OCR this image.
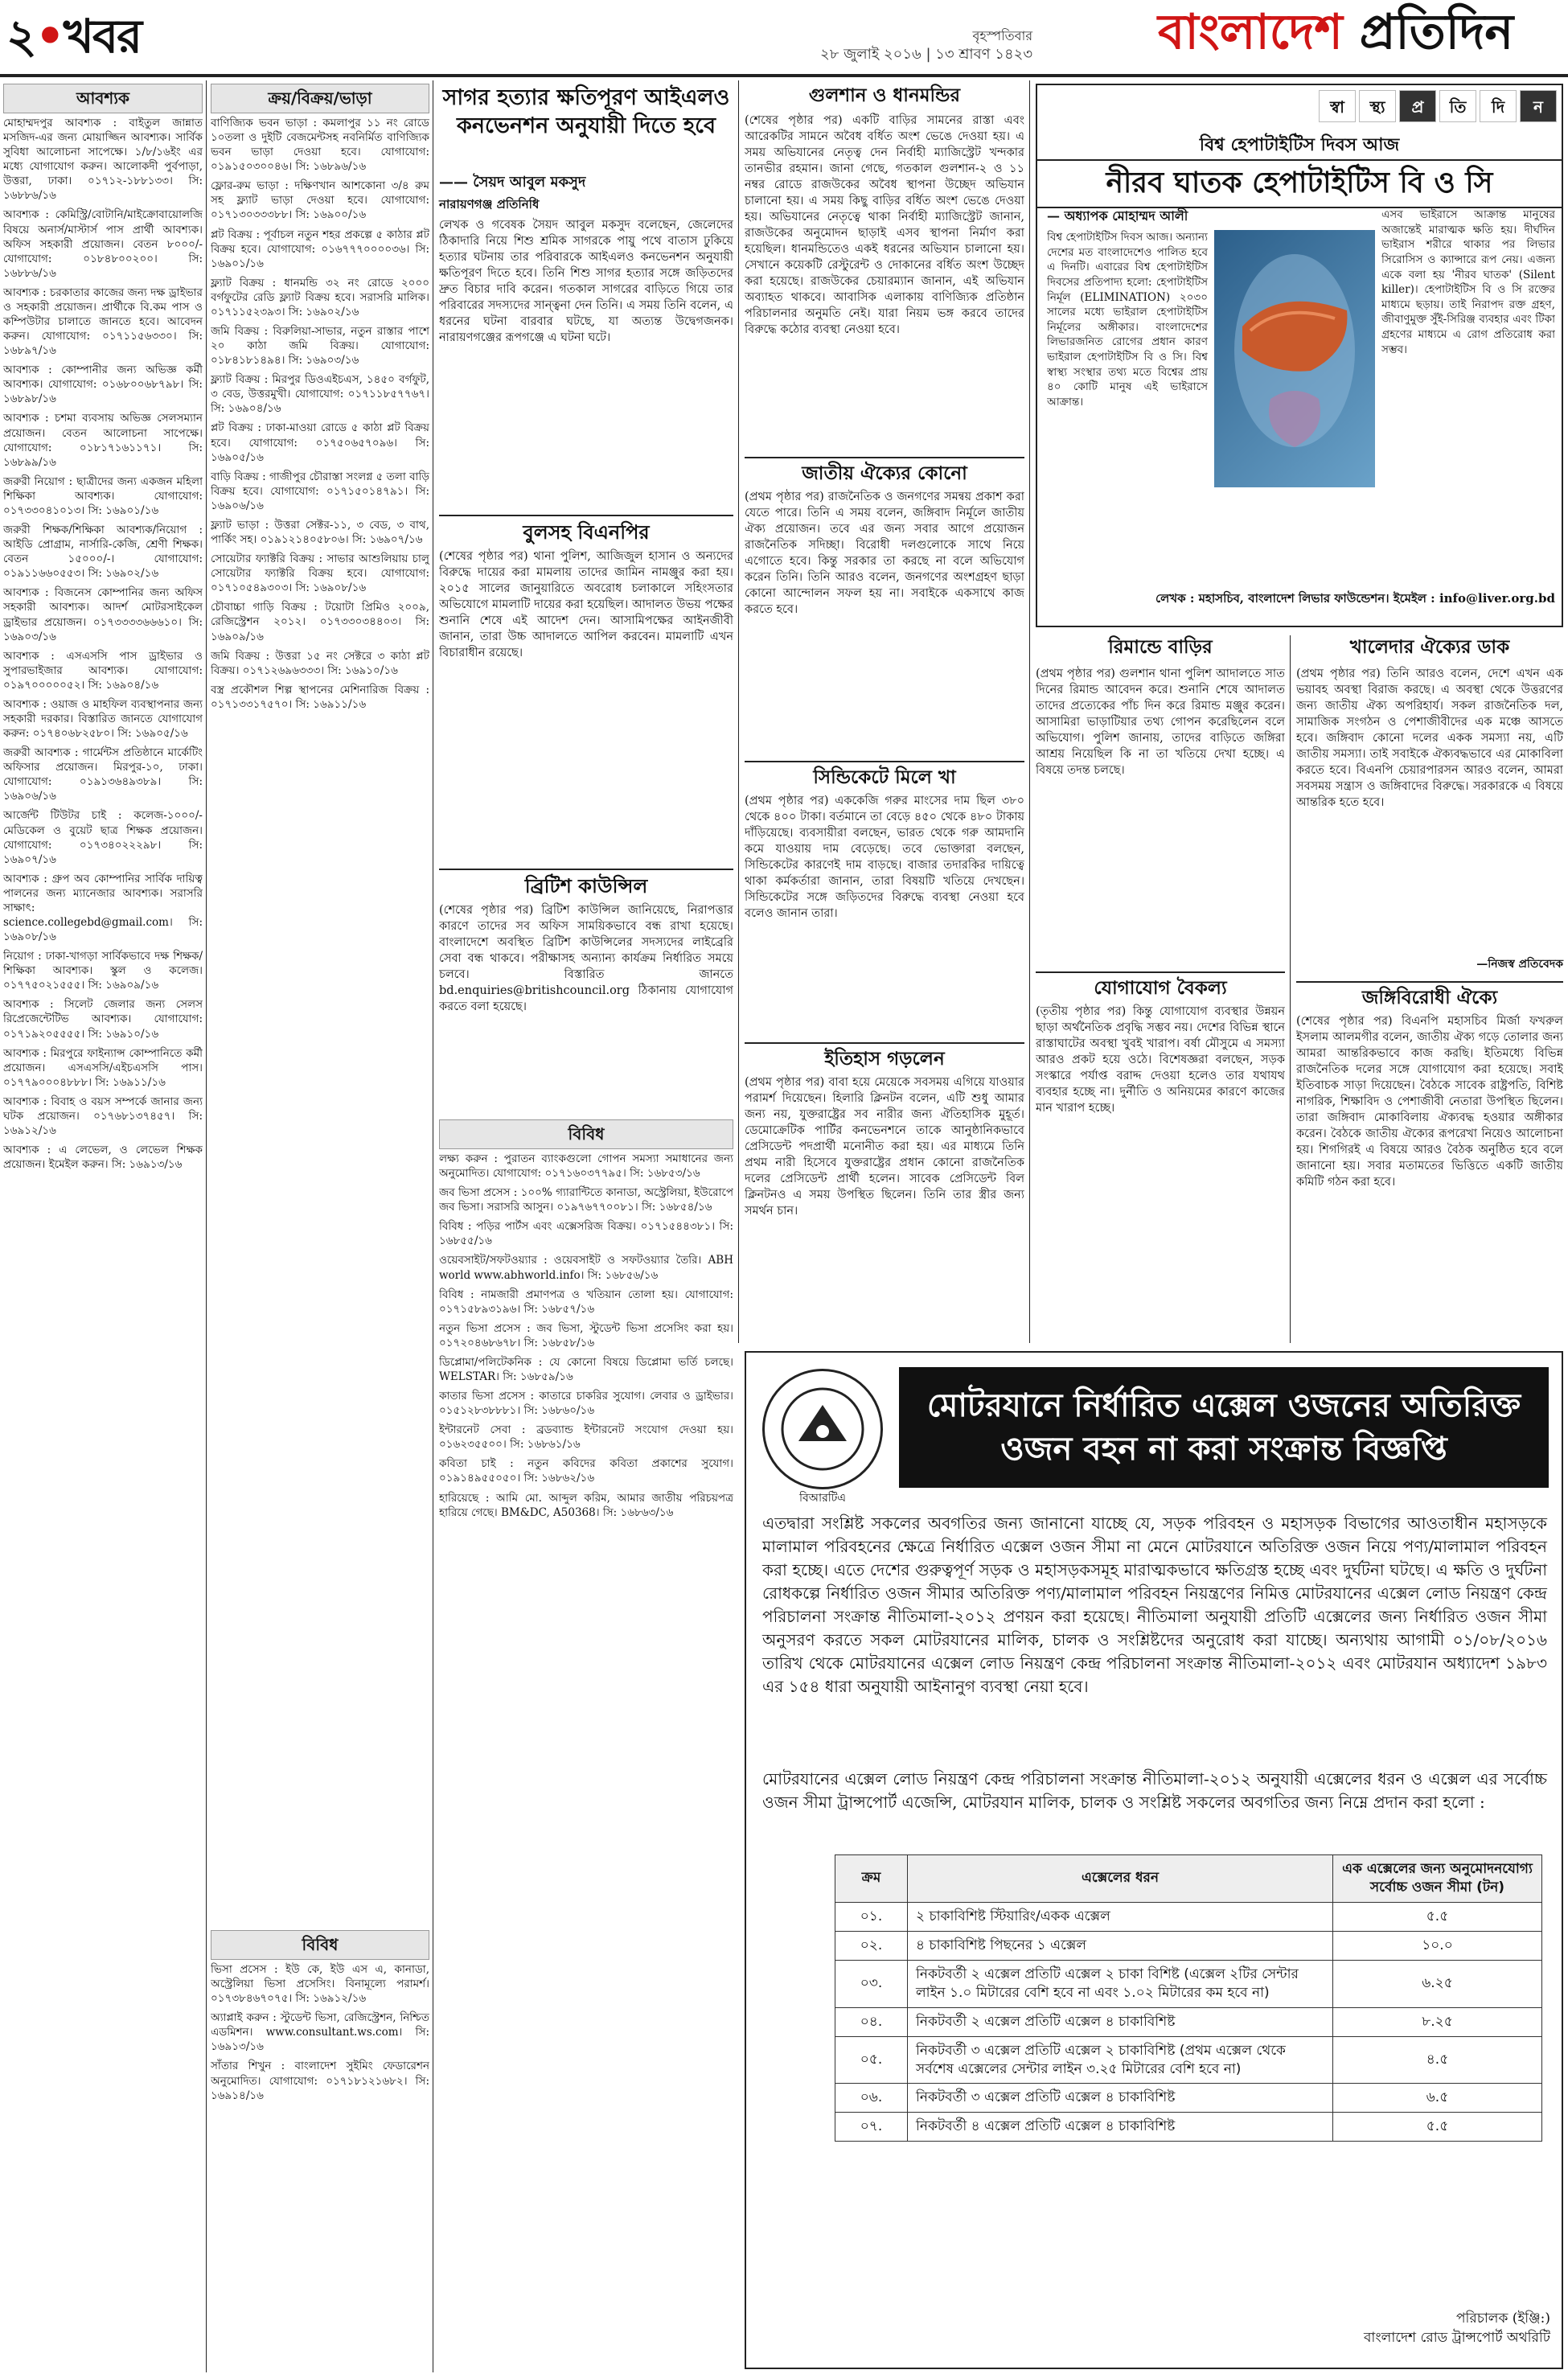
২•খবর	বৃহস্পতিবার
২৮ জুলাই ২০১৬ | ১৩ শ্রাবণ ১৪২৩	বাংলাদেশ প্রতিদিন
আবশ্যক
মোহাম্মদপুর আবশ্যক : বাইতুল জান্নাত মসজিদ-এর জন্য মোয়াজ্জিন আবশ্যক। সার্বিক সুবিধা আলোচনা সাপেক্ষে। ১/৮/১৬ইং এর মধ্যে যোগাযোগ করুন। আলোকদী পুর্বপাড়া, উত্তরা, ঢাকা। ০১৭১২-১৮৮১৩৩। সি: ১৬৮৮৬/১৬
আবশ্যক : কেমিস্ট্রি/বোটানি/মাইক্রোবায়োলজি বিষয়ে অনার্স/মাস্টার্স পাস প্রার্থী আবশ্যক। অফিস সহকারী প্রয়োজন। বেতন ৮০০০/- যোগাযোগ: ০১৮৪৮০০২০০। সি: ১৬৮৮৬/১৬
আবশ্যক : চরকাতার কাজের জন্য দক্ষ ড্রাইভার ও সহকারী প্রয়োজন। প্রার্থীকে বি.কম পাস ও কম্পিউটার চালাতে জানতে হবে। আবেদন করুন। যোগাযোগ: ০১৭১১৫৬৩৩০। সি: ১৬৮৯৭/১৬
আবশ্যক : কোম্পানীর জন্য অভিজ্ঞ কর্মী আবশ্যক। যোগাযোগ: ০১৬৮০০৬৮৭৯৮। সি: ১৬৮৯৮/১৬
আবশ্যক : চশমা ব্যবসায় অভিজ্ঞ সেলসম্যান প্রয়োজন। বেতন আলোচনা সাপেক্ষে। যোগাযোগ: ০১৮১৭১৬১১৭১। সি: ১৬৮৯৯/১৬
জরুরী নিয়োগ : ছাত্রীদের জন্য একজন মহিলা শিক্ষিকা আবশ্যক। যোগাযোগ: ০১৭৩৩০৪১০১৩। সি: ১৬৯০১/১৬
জরুরী শিক্ষক/শিক্ষিকা আবশ্যক/নিয়োগ : আইডি প্রোগ্রাম, নার্সারি-কেজি, শ্রেণী শিক্ষক। বেতন ১৫০০০/-। যোগাযোগ: ০১৯১১৬৬০৫৫৩। সি: ১৬৯০২/১৬
আবশ্যক : বিজনেস কোম্পানির জন্য অফিস সহকারী আবশ্যক। আদর্শ মোটরসাইকেল ড্রাইভার প্রয়োজন। ০১৭৩৩৩৩৬৬৬১০। সি: ১৬৯০৩/১৬
আবশ্যক : এসএসসি পাস ড্রাইভার ও সুপারভাইজার আবশ্যক। যোগাযোগ: ০১৯৭০০০০০৫২। সি: ১৬৯০৪/১৬
আবশ্যক : ওয়াজ ও মাহফিল ব্যবস্থাপনার জন্য সহকারী দরকার। বিস্তারিত জানতে যোগাযোগ করুন: ০১৭৪০৬৮২৫৮০। সি: ১৬৯০৫/১৬
জরুরী আবশ্যক : গার্মেন্টস প্রতিষ্ঠানে মার্কেটিং অফিসার প্রয়োজন। মিরপুর-১০, ঢাকা। যোগাযোগ: ০১৯১৩৬৪৯৩৮৯। সি: ১৬৯০৬/১৬
আর্জেন্ট টিউটর চাই : কলেজ-১০০০/- মেডিকেল ও বুয়েট ছাত্র শিক্ষক প্রয়োজন। যোগাযোগ: ০১৭৩৪০২২২৯৮। সি: ১৬৯০৭/১৬
আবশ্যক : গ্রুপ অব কোম্পানির সার্বিক দায়িত্ব পালনের জন্য ম্যানেজার আবশ্যক। সরাসরি সাক্ষাৎ: science.collegebd@gmail.com। সি: ১৬৯০৮/১৬
নিয়োগ : ঢাকা-খাগড়া সার্বিকভাবে দক্ষ শিক্ষক/শিক্ষিকা আবশ্যক। স্কুল ও কলেজ। ০১৭৭৫০২১৫৫৫। সি: ১৬৯০৯/১৬
আবশ্যক : সিলেট জেলার জন্য সেলস রিপ্রেজেন্টেটিভ আবশ্যক। যোগাযোগ: ০১৭১৯২০৫৫৫৫। সি: ১৬৯১০/১৬
আবশ্যক : মিরপুরে ফাইন্যান্স কোম্পানিতে কর্মী প্রয়োজন। এসএসসি/এইচএসসি পাস। ০১৭৭৯০০০৪৮৮৮। সি: ১৬৯১১/১৬
আবশ্যক : বিবাহ ও বয়স সম্পর্কে জানার জন্য ঘটক প্রয়োজন। ০১৭৬৮১৩৭৪৫৭। সি: ১৬৯১২/১৬
আবশ্যক : এ লেভেল, ও লেভেল শিক্ষক প্রয়োজন। ইমেইল করুন। সি: ১৬৯১৩/১৬
ক্রয়/বিক্রয়/ভাড়া
বাণিজ্যিক ভবন ভাড়া : কমলাপুর ১১ নং রোডে ১০তলা ও দুইটি বেজমেন্টসহ নবনির্মিত বাণিজ্যিক ভবন ভাড়া দেওয়া হবে। যোগাযোগ: ০১৯১৫০৩০০৪৬। সি: ১৬৮৯৬/১৬
ফ্লোর-রুম ভাড়া : দক্ষিণখান আশকোনা ৩/৪ রুম সহ ফ্ল্যাট ভাড়া দেওয়া হবে। যোগাযোগ: ০১৭১৩০৩৩৩৮৮। সি: ১৬৯০০/১৬
প্লট বিক্রয় : পূর্বাচল নতুন শহর প্রকল্পে ৫ কাঠার প্লট বিক্রয় হবে। যোগাযোগ: ০১৬৭৭৭০০০০৩৬। সি: ১৬৯০১/১৬
ফ্ল্যাট বিক্রয় : ধানমন্ডি ৩২ নং রোডে ২০০০ বর্গফুটের রেডি ফ্ল্যাট বিক্রয় হবে। সরাসরি মালিক। ০১৭১১৫২৩৯৩। সি: ১৬৯০২/১৬
জমি বিক্রয় : বিরুলিয়া-সাভার, নতুন রাস্তার পাশে ২০ কাঠা জমি বিক্রয়। যোগাযোগ: ০১৮৪১৮১৪৯৪। সি: ১৬৯০৩/১৬
ফ্ল্যাট বিক্রয় : মিরপুর ডিওএইচএস, ১৪৫০ বর্গফুট, ৩ বেড, উত্তরমুখী। যোগাযোগ: ০১৭১১৮৫৭৭৬৭। সি: ১৬৯০৪/১৬
প্লট বিক্রয় : ঢাকা-মাওয়া রোডে ৫ কাঠা প্লট বিক্রয় হবে। যোগাযোগ: ০১৭৫০৬৫৭০৯৬। সি: ১৬৯০৫/১৬
বাড়ি বিক্রয় : গাজীপুর চৌরাস্তা সংলগ্ন ৫ তলা বাড়ি বিক্রয় হবে। যোগাযোগ: ০১৭১৫০১৪৭৯১। সি: ১৬৯০৬/১৬
ফ্ল্যাট ভাড়া : উত্তরা সেক্টর-১১, ৩ বেড, ৩ বাথ, পার্কিং সহ। ০১৯১২১৪০৫৮০৬। সি: ১৬৯০৭/১৬
সোয়েটার ফ্যাক্টরি বিক্রয় : সাভার আশুলিয়ায় চালু সোয়েটার ফ্যাক্টরি বিক্রয় হবে। যোগাযোগ: ০১৭১০৫৪৯৩০৩। সি: ১৬৯০৮/১৬
চৌবাচ্চা গাড়ি বিক্রয় : টয়োটা প্রিমিও ২০০৯, রেজিস্ট্রেশন ২০১২। ০১৭৩৩০৩৪৪০৩। সি: ১৬৯০৯/১৬
জমি বিক্রয় : উত্তরা ১৫ নং সেক্টরে ৩ কাঠা প্লট বিক্রয়। ০১৭১২৬৯৬৩৩৩। সি: ১৬৯১০/১৬
বস্ত্র প্রকৌশল শিল্প স্থাপনের মেশিনারিজ বিক্রয় : ০১৭১৩৩১৭৫৭০। সি: ১৬৯১১/১৬
বিবিধ
ভিসা প্রসেস : ইউ কে, ইউ এস এ, কানাডা, অস্ট্রেলিয়া ভিসা প্রসেসিং। বিনামূল্যে পরামর্শ। ০১৭৩৮৪৬৭০৭৫। সি: ১৬৯১২/১৬
অ্যাপ্লাই করুন : স্টুডেন্ট ভিসা, রেজিস্ট্রেশন, নিশ্চিত এডমিশন। www.consultant.ws.com। সি: ১৬৯১৩/১৬
সাঁতার শিখুন : বাংলাদেশ সুইমিং ফেডারেশন অনুমোদিত। যোগাযোগ: ০১৭১৮১২১৬৮২। সি: ১৬৯১৪/১৬
সাগর হত্যার ক্ষতিপূরণ আইএলও কনভেনশন অনুযায়ী দিতে হবে
—— সৈয়দ আবুল মকসুদ
নারায়ণগঞ্জ প্রতিনিধি
লেখক ও গবেষক সৈয়দ আবুল মকসুদ বলেছেন, জেলেদের ঠিকাদারি নিয়ে শিশু শ্রমিক সাগরকে পায়ু পথে বাতাস ঢুকিয়ে হত্যার ঘটনায় তার পরিবারকে আইএলও কনভেনশন অনুযায়ী ক্ষতিপূরণ দিতে হবে। তিনি শিশু সাগর হত্যার সঙ্গে জড়িতদের দ্রুত বিচার দাবি করেন। গতকাল সাগরের বাড়িতে গিয়ে তার পরিবারের সদস্যদের সান্ত্বনা দেন তিনি। এ সময় তিনি বলেন, এ ধরনের ঘটনা বারবার ঘটছে, যা অত্যন্ত উদ্বেগজনক। নারায়ণগঞ্জের রূপগঞ্জে এ ঘটনা ঘটে।
বুলসহ বিএনপির
(শেষের পৃষ্ঠার পর) থানা পুলিশ, আজিজুল হাসান ও অন্যদের বিরুদ্ধে দায়ের করা মামলায় তাদের জামিন নামঞ্জুর করা হয়। ২০১৫ সালের জানুয়ারিতে অবরোধ চলাকালে সহিংসতার অভিযোগে মামলাটি দায়ের করা হয়েছিল। আদালত উভয় পক্ষের শুনানি শেষে এই আদেশ দেন। আসামিপক্ষের আইনজীবী জানান, তারা উচ্চ আদালতে আপিল করবেন। মামলাটি এখন বিচারাধীন রয়েছে।
ব্রিটিশ কাউন্সিল
(শেষের পৃষ্ঠার পর) ব্রিটিশ কাউন্সিল জানিয়েছে, নিরাপত্তার কারণে তাদের সব অফিস সাময়িকভাবে বন্ধ রাখা হয়েছে। বাংলাদেশে অবস্থিত ব্রিটিশ কাউন্সিলের সদস্যদের লাইব্রেরি সেবা বন্ধ থাকবে। পরীক্ষাসহ অন্যান্য কার্যক্রম নির্ধারিত সময়ে চলবে। বিস্তারিত জানতে bd.enquiries@britishcouncil.org ঠিকানায় যোগাযোগ করতে বলা হয়েছে।
বিবিধ
লক্ষ্য করুন : পুরাতন ব্যাংকগুলো গোপন সমস্যা সমাধানের জন্য অনুমোদিত। যোগাযোগ: ০১৭১৬০৩৭৭৯৫। সি: ১৬৮৫৩/১৬
জব ভিসা প্রসেস : ১০০% গ্যারান্টিতে কানাডা, অস্ট্রেলিয়া, ইউরোপে জব ভিসা। সরাসরি আসুন। ০১৯৭৬৭৭০০৮১। সি: ১৬৮৫৪/১৬
বিবিধ : পড়ির পার্টস এবং এক্সেসরিজ বিক্রয়। ০১৭১৫৪৪৩৮১। সি: ১৬৮৫৫/১৬
ওয়েবসাইট/সফটওয়্যার : ওয়েবসাইট ও সফটওয়্যার তৈরি। ABH world www.abhworld.info। সি: ১৬৮৫৬/১৬
বিবিধ : নামজারী প্রমাণপত্র ও খতিয়ান তোলা হয়। যোগাযোগ: ০১৭১৫৮৯৩১৯৬। সি: ১৬৮৫৭/১৬
নতুন ভিসা প্রসেস : জব ভিসা, স্টুডেন্ট ভিসা প্রসেসিং করা হয়। ০১৭২০৪৬৮৬৭৮। সি: ১৬৮৫৮/১৬
ডিপ্লোমা/পলিটেকনিক : যে কোনো বিষয়ে ডিপ্লোমা ভর্তি চলছে। WELSTAR। সি: ১৬৮৫৯/১৬
কাতার ভিসা প্রসেস : কাতারে চাকরির সুযোগ। লেবার ও ড্রাইভার। ০১৫১২৮৩৮৮৮১। সি: ১৬৮৬০/১৬
ইন্টারনেট সেবা : ব্রডব্যান্ড ইন্টারনেট সংযোগ দেওয়া হয়। ০১৬২৩৫৫০০। সি: ১৬৮৬১/১৬
কবিতা চাই : নতুন কবিদের কবিতা প্রকাশের সুযোগ। ০১৯১৪৯৫৫০৫০। সি: ১৬৮৬২/১৬
হারিয়েছে : আমি মো. আব্দুল করিম, আমার জাতীয় পরিচয়পত্র হারিয়ে গেছে। BM&DC, A50368। সি: ১৬৮৬৩/১৬
গুলশান ও ধানমন্ডির
(শেষের পৃষ্ঠার পর) একটি বাড়ির সামনের রাস্তা এবং আরেকটির সামনে অবৈধ বর্ধিত অংশ ভেঙে দেওয়া হয়। এ সময় অভিযানের নেতৃত্ব দেন নির্বাহী ম্যাজিস্ট্রেট খন্দকার তানভীর রহমান। জানা গেছে, গতকাল গুলশান-২ ও ১১ নম্বর রোডে রাজউকের অবৈধ স্থাপনা উচ্ছেদ অভিযান চালানো হয়। এ সময় কিছু বাড়ির বর্ধিত অংশ ভেঙে দেওয়া হয়। অভিযানের নেতৃত্বে থাকা নির্বাহী ম্যাজিস্ট্রেট জানান, রাজউকের অনুমোদন ছাড়াই এসব স্থাপনা নির্মাণ করা হয়েছিল। ধানমন্ডিতেও একই ধরনের অভিযান চালানো হয়। সেখানে কয়েকটি রেস্টুরেন্ট ও দোকানের বর্ধিত অংশ উচ্ছেদ করা হয়েছে। রাজউকের চেয়ারম্যান জানান, এই অভিযান অব্যাহত থাকবে। আবাসিক এলাকায় বাণিজ্যিক প্রতিষ্ঠান পরিচালনার অনুমতি নেই। যারা নিয়ম ভঙ্গ করবে তাদের বিরুদ্ধে কঠোর ব্যবস্থা নেওয়া হবে।
জাতীয় ঐক্যের কোনো
(প্রথম পৃষ্ঠার পর) রাজনৈতিক ও জনগণের সমন্বয় প্রকাশ করা যেতে পারে। তিনি এ সময় বলেন, জঙ্গিবাদ নির্মূলে জাতীয় ঐক্য প্রয়োজন। তবে এর জন্য সবার আগে প্রয়োজন রাজনৈতিক সদিচ্ছা। বিরোধী দলগুলোকে সাথে নিয়ে এগোতে হবে। কিন্তু সরকার তা করছে না বলে অভিযোগ করেন তিনি। তিনি আরও বলেন, জনগণের অংশগ্রহণ ছাড়া কোনো আন্দোলন সফল হয় না। সবাইকে একসাথে কাজ করতে হবে।
সিন্ডিকেটে মিলে খা
(প্রথম পৃষ্ঠার পর) এককেজি গরুর মাংসের দাম ছিল ৩৮০ থেকে ৪০০ টাকা। বর্তমানে তা বেড়ে ৪৫০ থেকে ৪৮০ টাকায় দাঁড়িয়েছে। ব্যবসায়ীরা বলছেন, ভারত থেকে গরু আমদানি কমে যাওয়ায় দাম বেড়েছে। তবে ভোক্তারা বলছেন, সিন্ডিকেটের কারণেই দাম বাড়ছে। বাজার তদারকির দায়িত্বে থাকা কর্মকর্তারা জানান, তারা বিষয়টি খতিয়ে দেখছেন। সিন্ডিকেটের সঙ্গে জড়িতদের বিরুদ্ধে ব্যবস্থা নেওয়া হবে বলেও জানান তারা।
ইতিহাস গড়লেন
(প্রথম পৃষ্ঠার পর) বাবা হয়ে মেয়েকে সবসময় এগিয়ে যাওয়ার পরামর্শ দিয়েছেন। হিলারি ক্লিনটন বলেন, এটি শুধু আমার জন্য নয়, যুক্তরাষ্ট্রের সব নারীর জন্য ঐতিহাসিক মুহূর্ত। ডেমোক্রেটিক পার্টির কনভেনশনে তাকে আনুষ্ঠানিকভাবে প্রেসিডেন্ট পদপ্রার্থী মনোনীত করা হয়। এর মাধ্যমে তিনি প্রথম নারী হিসেবে যুক্তরাষ্ট্রের প্রধান কোনো রাজনৈতিক দলের প্রেসিডেন্ট প্রার্থী হলেন। সাবেক প্রেসিডেন্ট বিল ক্লিনটনও এ সময় উপস্থিত ছিলেন। তিনি তার স্ত্রীর জন্য সমর্থন চান।
স্বা স্থ্য প্র তি দি ন
বিশ্ব হেপাটাইটিস দিবস আজ
নীরব ঘাতক হেপাটাইটিস বি ও সি
— অধ্যাপক মোহাম্মদ আলী
বিশ্ব হেপাটাইটিস দিবস আজ। অন্যান্য দেশের মত বাংলাদেশেও পালিত হবে এ দিনটি। এবারের বিশ্ব হেপাটাইটিস দিবসের প্রতিপাদ্য হলো: হেপাটাইটিস নির্মূল (ELIMINATION) ২০৩০ সালের মধ্যে ভাইরাল হেপাটাইটিস নির্মূলের অঙ্গীকার। বাংলাদেশের লিভারজনিত রোগের প্রধান কারণ ভাইরাল হেপাটাইটিস বি ও সি। বিশ্ব স্বাস্থ্য সংস্থার তথ্য মতে বিশ্বের প্রায় ৪০ কোটি মানুষ এই ভাইরাসে আক্রান্ত।
এসব ভাইরাসে আক্রান্ত মানুষের অজান্তেই মারাত্মক ক্ষতি হয়। দীর্ঘদিন ভাইরাস শরীরে থাকার পর লিভার সিরোসিস ও ক্যান্সারে রূপ নেয়। এজন্য একে বলা হয় 'নীরব ঘাতক' (Silent killer)। হেপাটাইটিস বি ও সি রক্তের মাধ্যমে ছড়ায়। তাই নিরাপদ রক্ত গ্রহণ, জীবাণুমুক্ত সুঁই-সিরিঞ্জ ব্যবহার এবং টিকা গ্রহণের মাধ্যমে এ রোগ প্রতিরোধ করা সম্ভব।
লেখক : মহাসচিব, বাংলাদেশ লিভার ফাউন্ডেশন। ইমেইল : info@liver.org.bd
রিমান্ডে বাড়ির
(প্রথম পৃষ্ঠার পর) গুলশান থানা পুলিশ আদালতে সাত দিনের রিমান্ড আবেদন করে। শুনানি শেষে আদালত তাদের প্রত্যেকের পাঁচ দিন করে রিমান্ড মঞ্জুর করেন। আসামিরা ভাড়াটিয়ার তথ্য গোপন করেছিলেন বলে অভিযোগ। পুলিশ জানায়, তাদের বাড়িতে জঙ্গিরা আশ্রয় নিয়েছিল কি না তা খতিয়ে দেখা হচ্ছে। এ বিষয়ে তদন্ত চলছে।
যোগাযোগ বৈকল্য
(তৃতীয় পৃষ্ঠার পর) কিন্তু যোগাযোগ ব্যবস্থার উন্নয়ন ছাড়া অর্থনৈতিক প্রবৃদ্ধি সম্ভব নয়। দেশের বিভিন্ন স্থানে রাস্তাঘাটের অবস্থা খুবই খারাপ। বর্ষা মৌসুমে এ সমস্যা আরও প্রকট হয়ে ওঠে। বিশেষজ্ঞরা বলছেন, সড়ক সংস্কারে পর্যাপ্ত বরাদ্দ দেওয়া হলেও তার যথাযথ ব্যবহার হচ্ছে না। দুর্নীতি ও অনিয়মের কারণে কাজের মান খারাপ হচ্ছে।
খালেদার ঐক্যের ডাক
(প্রথম পৃষ্ঠার পর) তিনি আরও বলেন, দেশে এখন এক ভয়াবহ অবস্থা বিরাজ করছে। এ অবস্থা থেকে উত্তরণের জন্য জাতীয় ঐক্য অপরিহার্য। সকল রাজনৈতিক দল, সামাজিক সংগঠন ও পেশাজীবীদের এক মঞ্চে আসতে হবে। জঙ্গিবাদ কোনো দলের একক সমস্যা নয়, এটি জাতীয় সমস্যা। তাই সবাইকে ঐক্যবদ্ধভাবে এর মোকাবিলা করতে হবে। বিএনপি চেয়ারপারসন আরও বলেন, আমরা সবসময় সন্ত্রাস ও জঙ্গিবাদের বিরুদ্ধে। সরকারকে এ বিষয়ে আন্তরিক হতে হবে।
—নিজস্ব প্রতিবেদক
জঙ্গিবিরোধী ঐক্যে
(শেষের পৃষ্ঠার পর) বিএনপি মহাসচিব মির্জা ফখরুল ইসলাম আলমগীর বলেন, জাতীয় ঐক্য গড়ে তোলার জন্য আমরা আন্তরিকভাবে কাজ করছি। ইতিমধ্যে বিভিন্ন রাজনৈতিক দলের সঙ্গে যোগাযোগ করা হয়েছে। সবাই ইতিবাচক সাড়া দিয়েছেন। বৈঠকে সাবেক রাষ্ট্রপতি, বিশিষ্ট নাগরিক, শিক্ষাবিদ ও পেশাজীবী নেতারা উপস্থিত ছিলেন। তারা জঙ্গিবাদ মোকাবিলায় ঐক্যবদ্ধ হওয়ার অঙ্গীকার করেন। বৈঠকে জাতীয় ঐক্যের রূপরেখা নিয়েও আলোচনা হয়। শিগগিরই এ বিষয়ে আরও বৈঠক অনুষ্ঠিত হবে বলে জানানো হয়। সবার মতামতের ভিত্তিতে একটি জাতীয় কমিটি গঠন করা হবে।
বিআরটিএ
মোটরযানে নির্ধারিত এক্সেল ওজনের অতিরিক্ত
ওজন বহন না করা সংক্রান্ত বিজ্ঞপ্তি
এতদ্বারা সংশ্লিষ্ট সকলের অবগতির জন্য জানানো যাচ্ছে যে, সড়ক পরিবহন ও মহাসড়ক বিভাগের আওতাধীন মহাসড়কে মালামাল পরিবহনের ক্ষেত্রে নির্ধারিত এক্সেল ওজন সীমা না মেনে মোটরযানে অতিরিক্ত ওজন নিয়ে পণ্য/মালামাল পরিবহন করা হচ্ছে। এতে দেশের গুরুত্বপূর্ণ সড়ক ও মহাসড়কসমূহ মারাত্মকভাবে ক্ষতিগ্রস্ত হচ্ছে এবং দুর্ঘটনা ঘটছে। এ ক্ষতি ও দুর্ঘটনা রোধকল্পে নির্ধারিত ওজন সীমার অতিরিক্ত পণ্য/মালামাল পরিবহন নিয়ন্ত্রণের নিমিত্ত মোটরযানের এক্সেল লোড নিয়ন্ত্রণ কেন্দ্র পরিচালনা সংক্রান্ত নীতিমালা-২০১২ প্রণয়ন করা হয়েছে। নীতিমালা অনুযায়ী প্রতিটি এক্সেলের জন্য নির্ধারিত ওজন সীমা অনুসরণ করতে সকল মোটরযানের মালিক, চালক ও সংশ্লিষ্টদের অনুরোধ করা যাচ্ছে। অন্যথায় আগামী ০১/০৮/২০১৬ তারিখ থেকে মোটরযানের এক্সেল লোড নিয়ন্ত্রণ কেন্দ্র পরিচালনা সংক্রান্ত নীতিমালা-২০১২ এবং মোটরযান অধ্যাদেশ ১৯৮৩ এর ১৫৪ ধারা অনুযায়ী আইনানুগ ব্যবস্থা নেয়া হবে।
মোটরযানের এক্সেল লোড নিয়ন্ত্রণ কেন্দ্র পরিচালনা সংক্রান্ত নীতিমালা-২০১২ অনুযায়ী এক্সেলের ধরন ও এক্সেল এর সর্বোচ্চ ওজন সীমা ট্রান্সপোর্ট এজেন্সি, মোটরযান মালিক, চালক ও সংশ্লিষ্ট সকলের অবগতির জন্য নিম্নে প্রদান করা হলো :
ক্রম	এক্সেলের ধরন	এক এক্সেলের জন্য অনুমোদনযোগ্য সর্বোচ্চ ওজন সীমা (টন)
০১.	২ চাকাবিশিষ্ট স্টিয়ারিং/একক এক্সেল	৫.৫
০২.	৪ চাকাবিশিষ্ট পিছনের ১ এক্সেল	১০.০
০৩.	নিকটবর্তী ২ এক্সেল প্রতিটি এক্সেল ২ চাকা বিশিষ্ট (এক্সেল ২টির সেন্টার লাইন ১.০ মিটারের বেশি হবে না এবং ১.০২ মিটারের কম হবে না)	৬.২৫
০৪.	নিকটবর্তী ২ এক্সেল প্রতিটি এক্সেল ৪ চাকাবিশিষ্ট	৮.২৫
০৫.	নিকটবর্তী ৩ এক্সেল প্রতিটি এক্সেল ২ চাকাবিশিষ্ট (প্রথম এক্সেল থেকে সর্বশেষ এক্সেলের সেন্টার লাইন ৩.২৫ মিটারের বেশি হবে না)	৪.৫
০৬.	নিকটবর্তী ৩ এক্সেল প্রতিটি এক্সেল ৪ চাকাবিশিষ্ট	৬.৫
০৭.	নিকটবর্তী ৪ এক্সেল প্রতিটি এক্সেল ৪ চাকাবিশিষ্ট	৫.৫
পরিচালক (ইঞ্জি:)
বাংলাদেশ রোড ট্রান্সপোর্ট অথরিটি
